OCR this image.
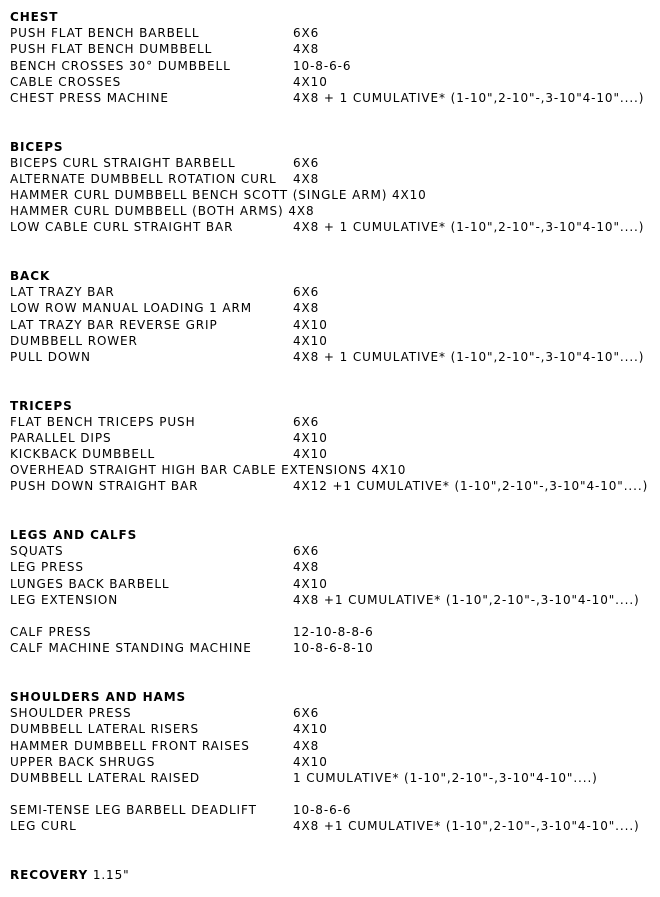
CHEST
PUSH FLAT BENCH BARBELL	6X6
PUSH FLAT BENCH DUMBBELL	4X8
BENCH CROSSES 30° DUMBBELL	10-8-6-6
CABLE CROSSES	4X10
CHEST PRESS MACHINE	4X8 + 1 CUMULATIVE* (1-10",2-10"-,3-10"4-10"....)
BICEPS
BICEPS CURL STRAIGHT BARBELL	6X6
ALTERNATE DUMBBELL ROTATION CURL 4X8
HAMMER CURL DUMBBELL BENCH SCOTT (SINGLE ARM) 4X10
HAMMER CURL DUMBBELL (BOTH ARMS) 4X8
LOW CABLE CURL STRAIGHT BAR	4X8 + 1 CUMULATIVE* (1-10",2-10"-,3-10"4-10"....)
BACK
LAT TRAZY BAR	6X6
LOW ROW MANUAL LOADING 1 ARM	4X8
LAT TRAZY BAR REVERSE GRIP	4X10
DUMBBELL ROWER	4X10
PULL DOWN	4X8 + 1 CUMULATIVE* (1-10",2-10"-,3-10"4-10"....)
TRICEPS
FLAT BENCH TRICEPS PUSH	6X6
PARALLEL DIPS	4X10
KICKBACK DUMBBELL	4X10
OVERHEAD STRAIGHT HIGH BAR CABLE EXTENSIONS 4X10
PUSH DOWN STRAIGHT BAR	4X12 +1 CUMULATIVE* (1-10",2-10"-,3-10"4-10"....)
LEGS AND CALFS
SQUATS	6X6
LEG PRESS	4X8
LUNGES BACK BARBELL	4X10
LEG EXTENSION	4X8 +1 CUMULATIVE* (1-10",2-10"-,3-10"4-10"....)
CALF PRESS	12-10-8-8-6
CALF MACHINE STANDING MACHINE	10-8-6-8-10
SHOULDERS AND HAMS
SHOULDER PRESS	6X6
DUMBBELL LATERAL RISERS	4X10
HAMMER DUMBBELL FRONT RAISES	4X8
UPPER BACK SHRUGS	4X10
DUMBBELL LATERAL RAISED	1 CUMULATIVE* (1-10",2-10"-,3-10"4-10"....)
SEMI-TENSE LEG BARBELL DEADLIFT	10-8-6-6
LEG CURL	4X8 +1 CUMULATIVE* (1-10",2-10"-,3-10"4-10"....)
RECOVERY 1.15"
